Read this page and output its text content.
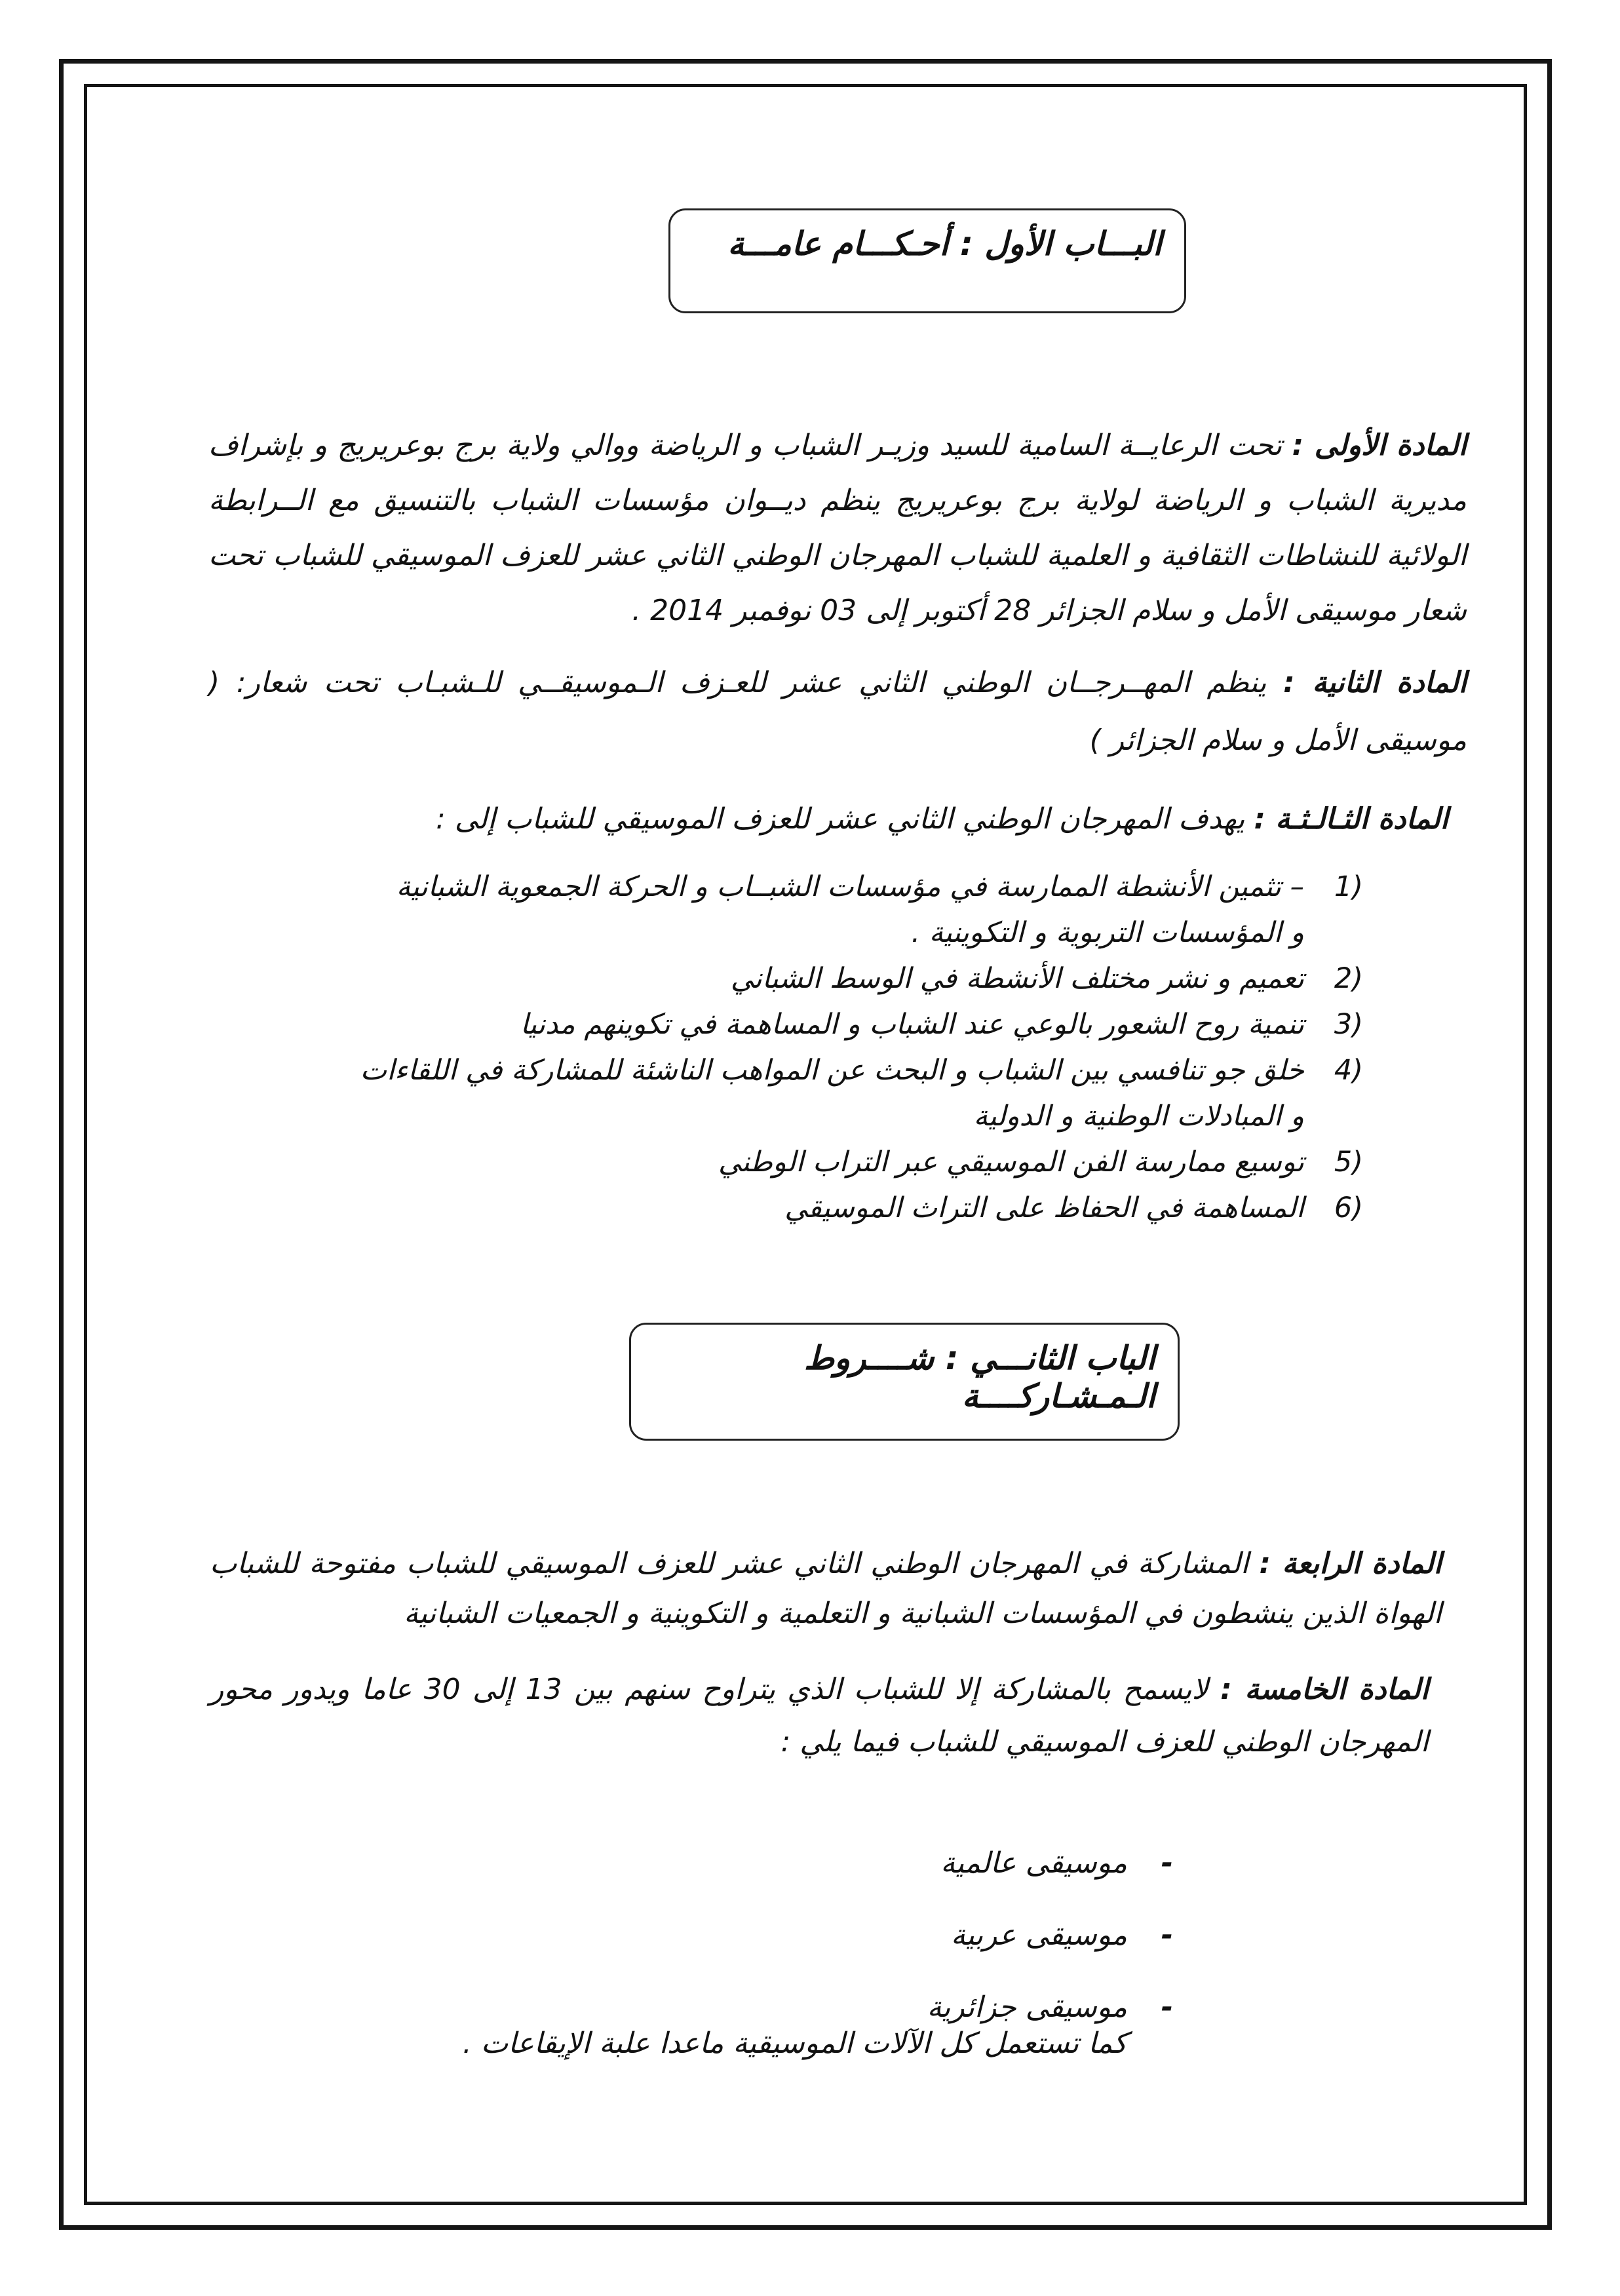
البـــاب الأول : أحـكـــام عامـــة
المادة الأولى : تحت الرعايــة السامية للسيد وزيـر الشباب و الرياضة ووالي ولاية برج بوعريريج و بإشراف مديرية الشباب و الرياضة لولاية برج بوعريريج ينظم ديــوان مؤسسات الشباب بالتنسيق مع الــرابطة الولائية للنشاطات الثقافية و العلمية للشباب المهرجان الوطني الثاني عشر للعزف الموسيقي للشباب تحت شعار موسيقى الأمل و سلام الجزائر 28 أكتوبر إلى 03 نوفمبر 2014 .
المادة الثانية : ينظم المهــرجــان الوطني الثاني عشر للعـزف الـموسيقــي للـشبـاب تحت شعار: ( موسيقى الأمل و سلام الجزائر )
المادة الثـالـثـة : يهدف المهرجان الوطني الثاني عشر للعزف الموسيقي للشباب إلى :
(1
– تثمين الأنشطة الممارسة في مؤسسات الشبــاب و الحركة الجمعوية الشبانية
و المؤسسات التربوية و التكوينية .
(2
تعميم و نشر مختلف الأنشطة في الوسط الشباني
(3
تنمية روح الشعور بالوعي عند الشباب و المساهمة في تكوينهم مدنيا
(4
خلق جو تنافسي بين الشباب و البحث عن المواهب الناشئة للمشاركة في اللقاءات
و المبادلات الوطنية و الدولية
(5
توسيع ممارسة الفن الموسيقي عبر التراب الوطني
(6
المساهمة في الحفاظ على التراث الموسيقي
الباب الثانـــي : شــــروط الـمـشـاركــــة
المادة الرابعة : المشاركة في المهرجان الوطني الثاني عشر للعزف الموسيقي للشباب مفتوحة للشباب الهواة الذين ينشطون في المؤسسات الشبانية و التعلمية و التكوينية و الجمعيات الشبانية
المادة الخامسة : لايسمح بالمشاركة إلا للشباب الذي يتراوح سنهم بين 13 إلى 30 عاما ويدور محور المهرجان الوطني للعزف الموسيقي للشباب فيما يلي :
-
موسيقى عالمية
-
موسيقى عربية
-
موسيقى جزائرية
كما تستعمل كل الآلات الموسيقية ماعدا علبة الإيقاعات .
